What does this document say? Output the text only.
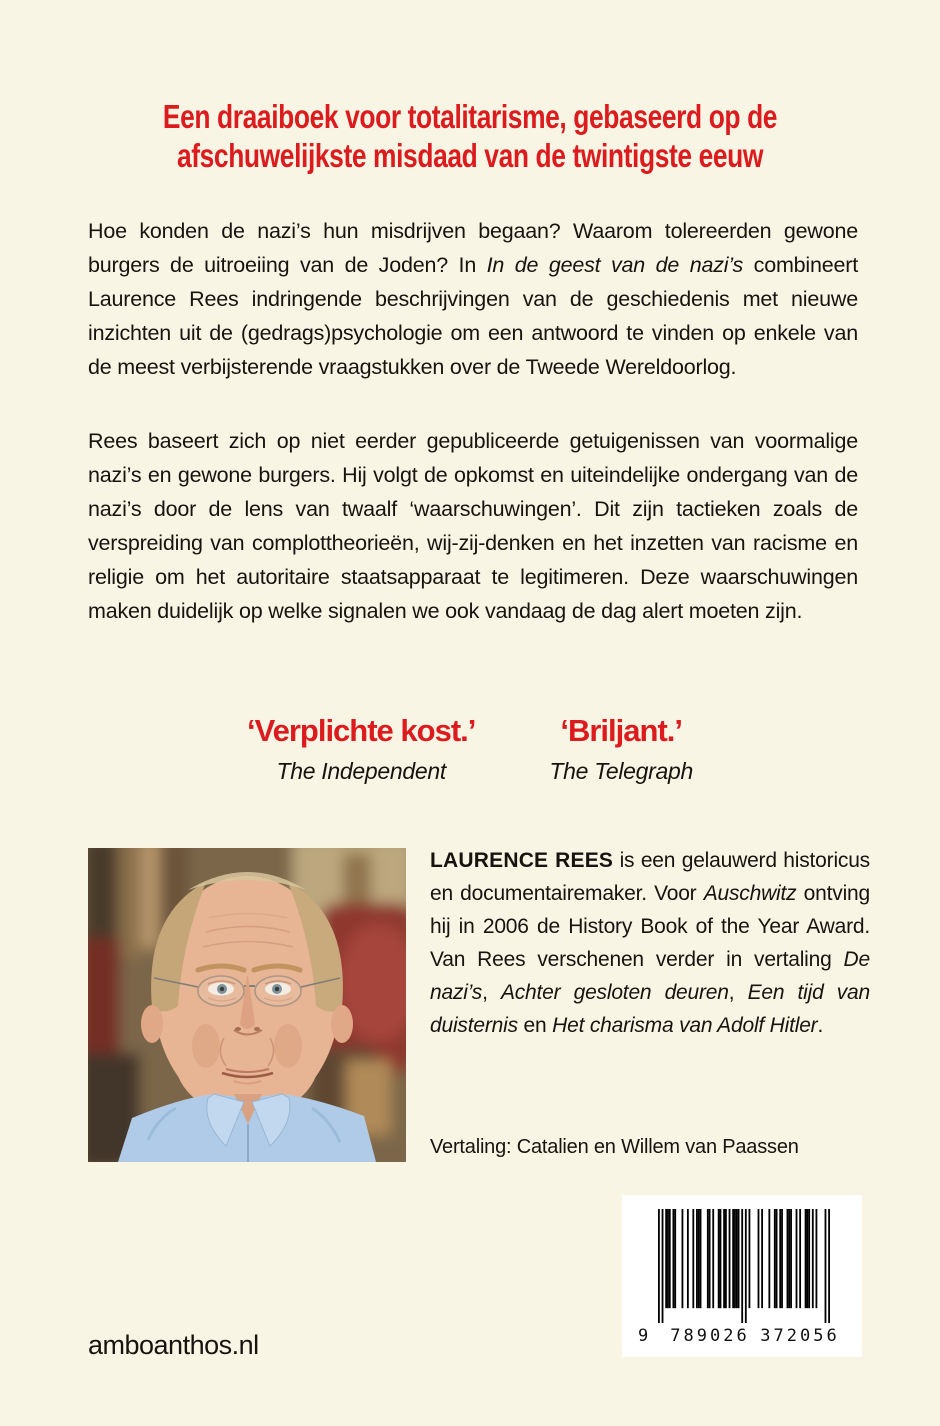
Een draaiboek voor totalitarisme, gebaseerd op de afschuwelijkste misdaad van de twintigste eeuw

Hoe konden de nazi’s hun misdrijven begaan? Waarom tolereerden gewone burgers de uitroeiing van de Joden? In In de geest van de nazi’s combineert Laurence Rees indringende beschrijvingen van de geschiedenis met nieuwe inzichten uit de (gedrags)psychologie om een antwoord te vinden op enkele van de meest verbijsterende vraagstukken over de Tweede Wereldoorlog.

Rees baseert zich op niet eerder gepubliceerde getuigenissen van voormalige nazi’s en gewone burgers. Hij volgt de opkomst en uiteindelijke ondergang van de nazi’s door de lens van twaalf ‘waarschuwingen’. Dit zijn tactieken zoals de verspreiding van complottheorieën, wij-zij-denken en het inzetten van racisme en religie om het autoritaire staatsapparaat te legitimeren. Deze waarschuwingen maken duidelijk op welke signalen we ook vandaag de dag alert moeten zijn.

‘Verplichte kost.’
The Independent
‘Briljant.’
The Telegraph

LAURENCE REES is een gelauwerd historicus en documentairemaker. Voor Auschwitz ontving hij in 2006 de History Book of the Year Award. Van Rees verschenen verder in vertaling De nazi’s, Achter gesloten deuren, Een tijd van duisternis en Het charisma van Adolf Hitler.

Vertaling: Catalien en Willem van Paassen
9 789026 372056
amboanthos.nl
